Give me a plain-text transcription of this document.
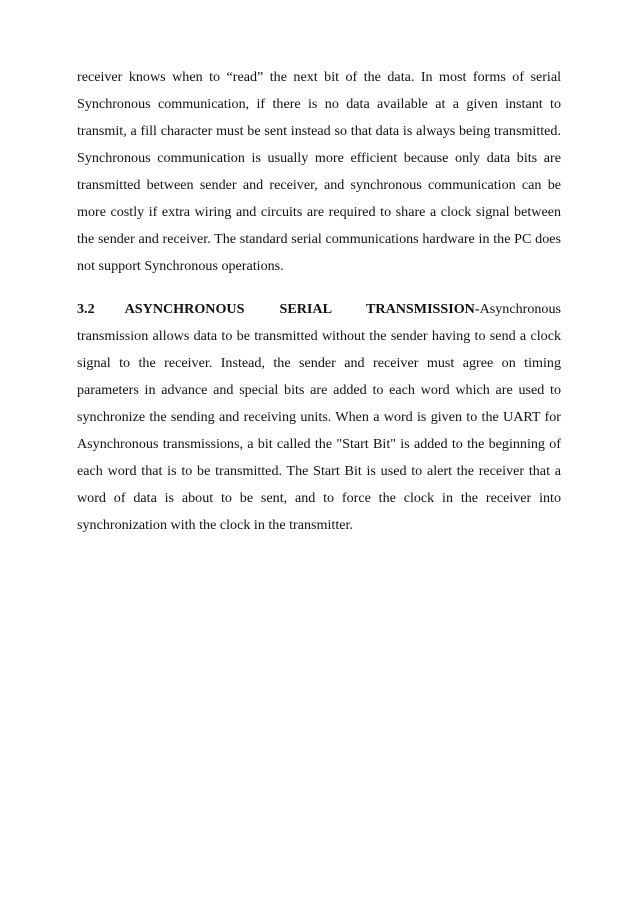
receiver knows when to “read” the next bit of the data. In most forms of serial Synchronous communication, if there is no data available at a given instant to transmit, a fill character must be sent instead so that data is always being transmitted. Synchronous communication is usually more efficient because only data bits are transmitted between sender and receiver, and synchronous communication can be more costly if extra wiring and circuits are required to share a clock signal between the sender and receiver. The standard serial communications hardware in the PC does not support Synchronous operations.

3.2 ASYNCHRONOUS SERIAL TRANSMISSION-Asynchronous transmission allows data to be transmitted without the sender having to send a clock signal to the receiver. Instead, the sender and receiver must agree on timing parameters in advance and special bits are added to each word which are used to synchronize the sending and receiving units. When a word is given to the UART for Asynchronous transmissions, a bit called the "Start Bit" is added to the beginning of each word that is to be transmitted. The Start Bit is used to alert the receiver that a word of data is about to be sent, and to force the clock in the receiver into synchronization with the clock in the transmitter.
